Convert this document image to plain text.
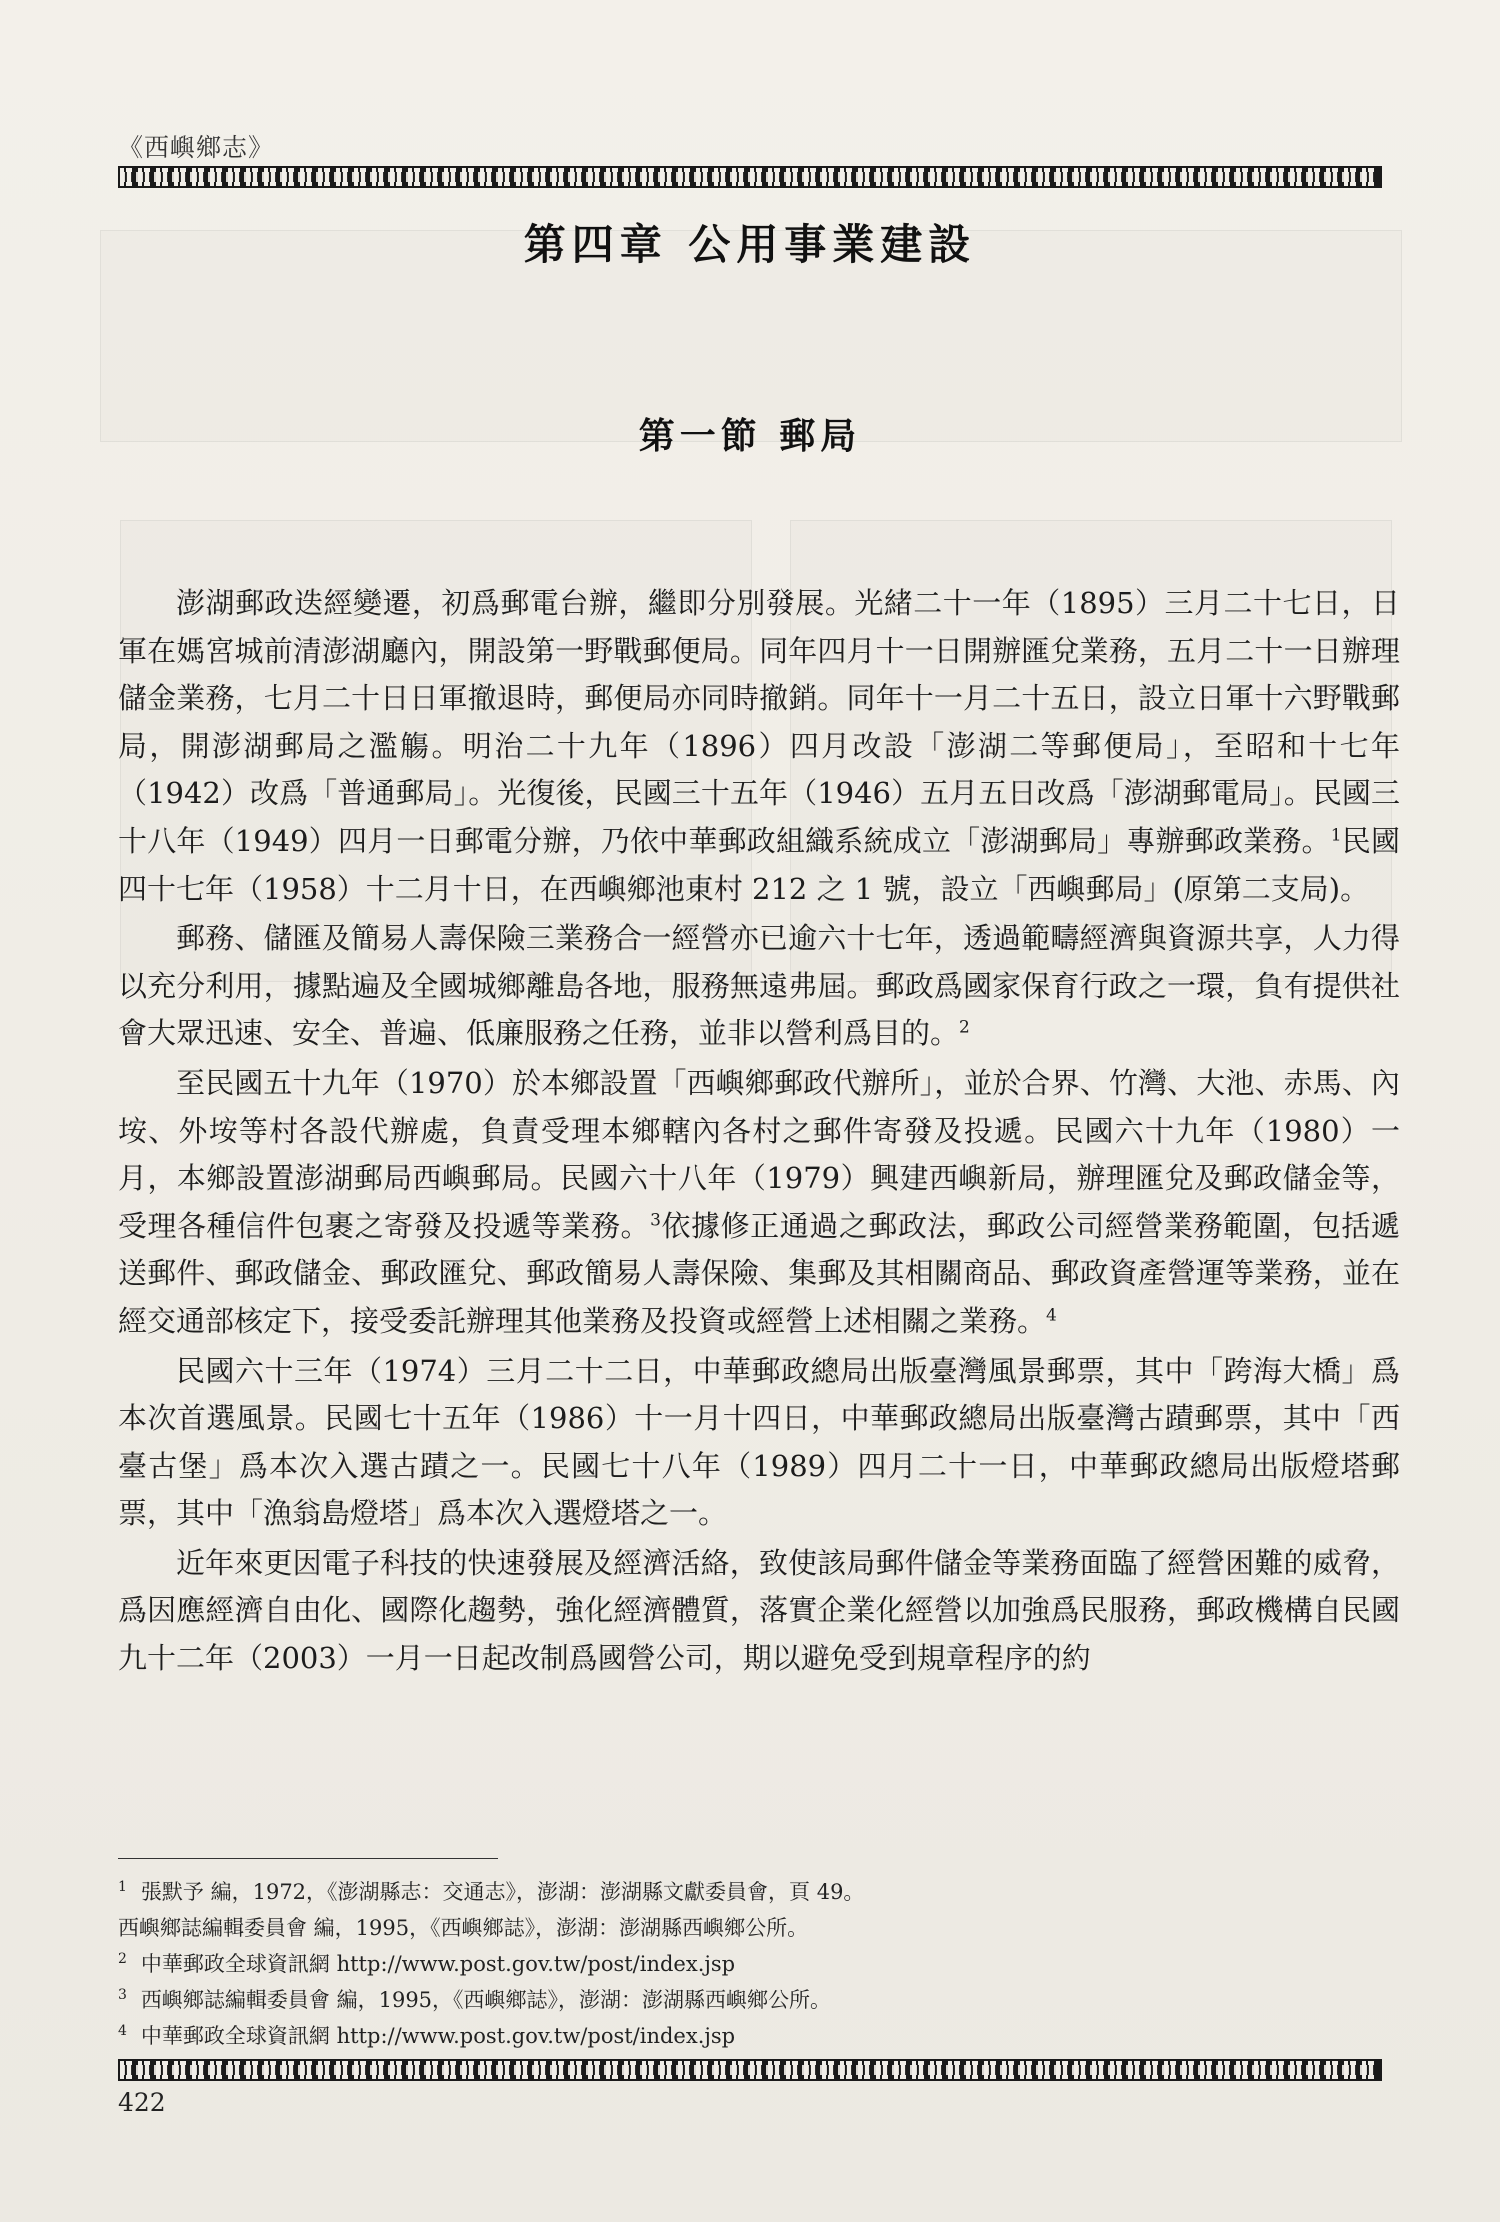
《西嶼鄉志》
第四章 公用事業建設
第一節 郵局

澎湖郵政迭經變遷，初爲郵電台辦，繼即分別發展。光緒二十一年（1895）三月二十七日，日軍在媽宮城前清澎湖廳內，開設第一野戰郵便局。同年四月十一日開辦匯兌業務，五月二十一日辦理儲金業務，七月二十日日軍撤退時，郵便局亦同時撤銷。同年十一月二十五日，設立日軍十六野戰郵局，開澎湖郵局之濫觴。明治二十九年（1896）四月改設「澎湖二等郵便局」，至昭和十七年（1942）改爲「普通郵局」。光復後，民國三十五年（1946）五月五日改爲「澎湖郵電局」。民國三十八年（1949）四月一日郵電分辦，乃依中華郵政組織系統成立「澎湖郵局」專辦郵政業務。$^1$民國四十七年（1958）十二月十日，在西嶼鄉池東村 212 之 1 號，設立「西嶼郵局」(原第二支局)。

郵務、儲匯及簡易人壽保險三業務合一經營亦已逾六十七年，透過範疇經濟與資源共享，人力得以充分利用，據點遍及全國城鄉離島各地，服務無遠弗屆。郵政爲國家保育行政之一環，負有提供社會大眾迅速、安全、普遍、低廉服務之任務，並非以營利爲目的。$^2$

至民國五十九年（1970）於本鄉設置「西嶼鄉郵政代辦所」，並於合界、竹灣、大池、赤馬、內垵、外垵等村各設代辦處，負責受理本鄉轄內各村之郵件寄發及投遞。民國六十九年（1980）一月，本鄉設置澎湖郵局西嶼郵局。民國六十八年（1979）興建西嶼新局，辦理匯兌及郵政儲金等，受理各種信件包裹之寄發及投遞等業務。$^3$依據修正通過之郵政法，郵政公司經營業務範圍，包括遞送郵件、郵政儲金、郵政匯兌、郵政簡易人壽保險、集郵及其相關商品、郵政資產營運等業務，並在經交通部核定下，接受委託辦理其他業務及投資或經營上述相關之業務。$^4$

民國六十三年（1974）三月二十二日，中華郵政總局出版臺灣風景郵票，其中「跨海大橋」爲本次首選風景。民國七十五年（1986）十一月十四日，中華郵政總局出版臺灣古蹟郵票，其中「西臺古堡」爲本次入選古蹟之一。民國七十八年（1989）四月二十一日，中華郵政總局出版燈塔郵票，其中「漁翁島燈塔」爲本次入選燈塔之一。

近年來更因電子科技的快速發展及經濟活絡，致使該局郵件儲金等業務面臨了經營困難的威脅，爲因應經濟自由化、國際化趨勢，強化經濟體質，落實企業化經營以加強爲民服務，郵政機構自民國九十二年（2003）一月一日起改制爲國營公司，期以避免受到規章程序的約

$^1$ 張默予 編，1972，《澎湖縣志：交通志》，澎湖：澎湖縣文獻委員會，頁 49。
西嶼鄉誌編輯委員會 編，1995，《西嶼鄉誌》，澎湖：澎湖縣西嶼鄉公所。
$^2$ 中華郵政全球資訊網 http://www.post.gov.tw/post/index.jsp
$^3$ 西嶼鄉誌編輯委員會 編，1995，《西嶼鄉誌》，澎湖：澎湖縣西嶼鄉公所。
$^4$ 中華郵政全球資訊網 http://www.post.gov.tw/post/index.jsp
422
